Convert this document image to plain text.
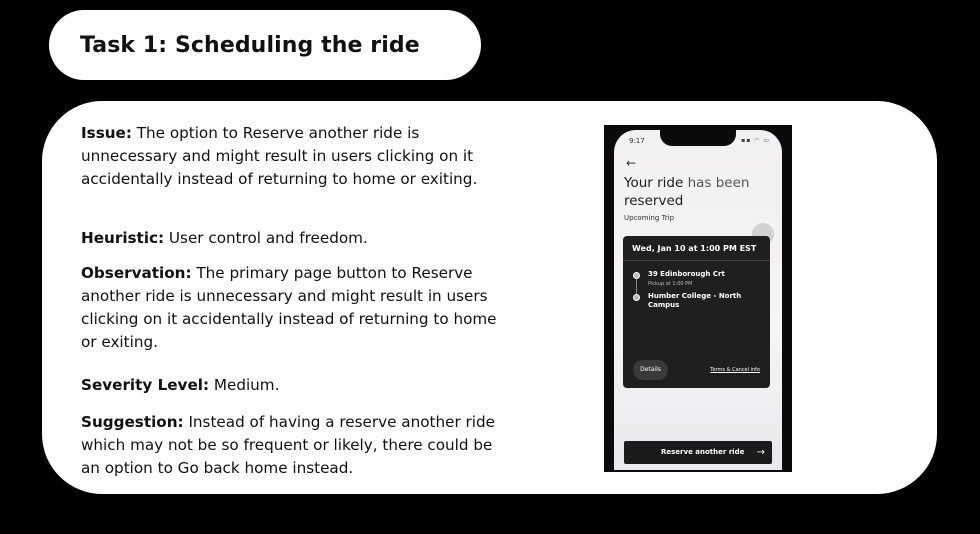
Task 1: Scheduling the ride

Issue: The option to Reserve another ride is unnecessary and might result in users clicking on it accidentally instead of returning to home or exiting.

Heuristic: User control and freedom.

Observation: The primary page button to Reserve another ride is unnecessary and might result in users clicking on it accidentally instead of returning to home or exiting.

Severity Level: Medium.

Suggestion: Instead of having a reserve another ride which may not be so frequent or likely, there could be an option to Go back home instead.

9:17	▪▪ ◠ ▭
←
Your ride has been
reserved
Upcoming Trip
Wed, Jan 10 at 1:00 PM EST
39 Edinborough Crt
Pickup at 1:00 PM
Humber College - North Campus
Details	Terms & Cancel info
Reserve another ride →
